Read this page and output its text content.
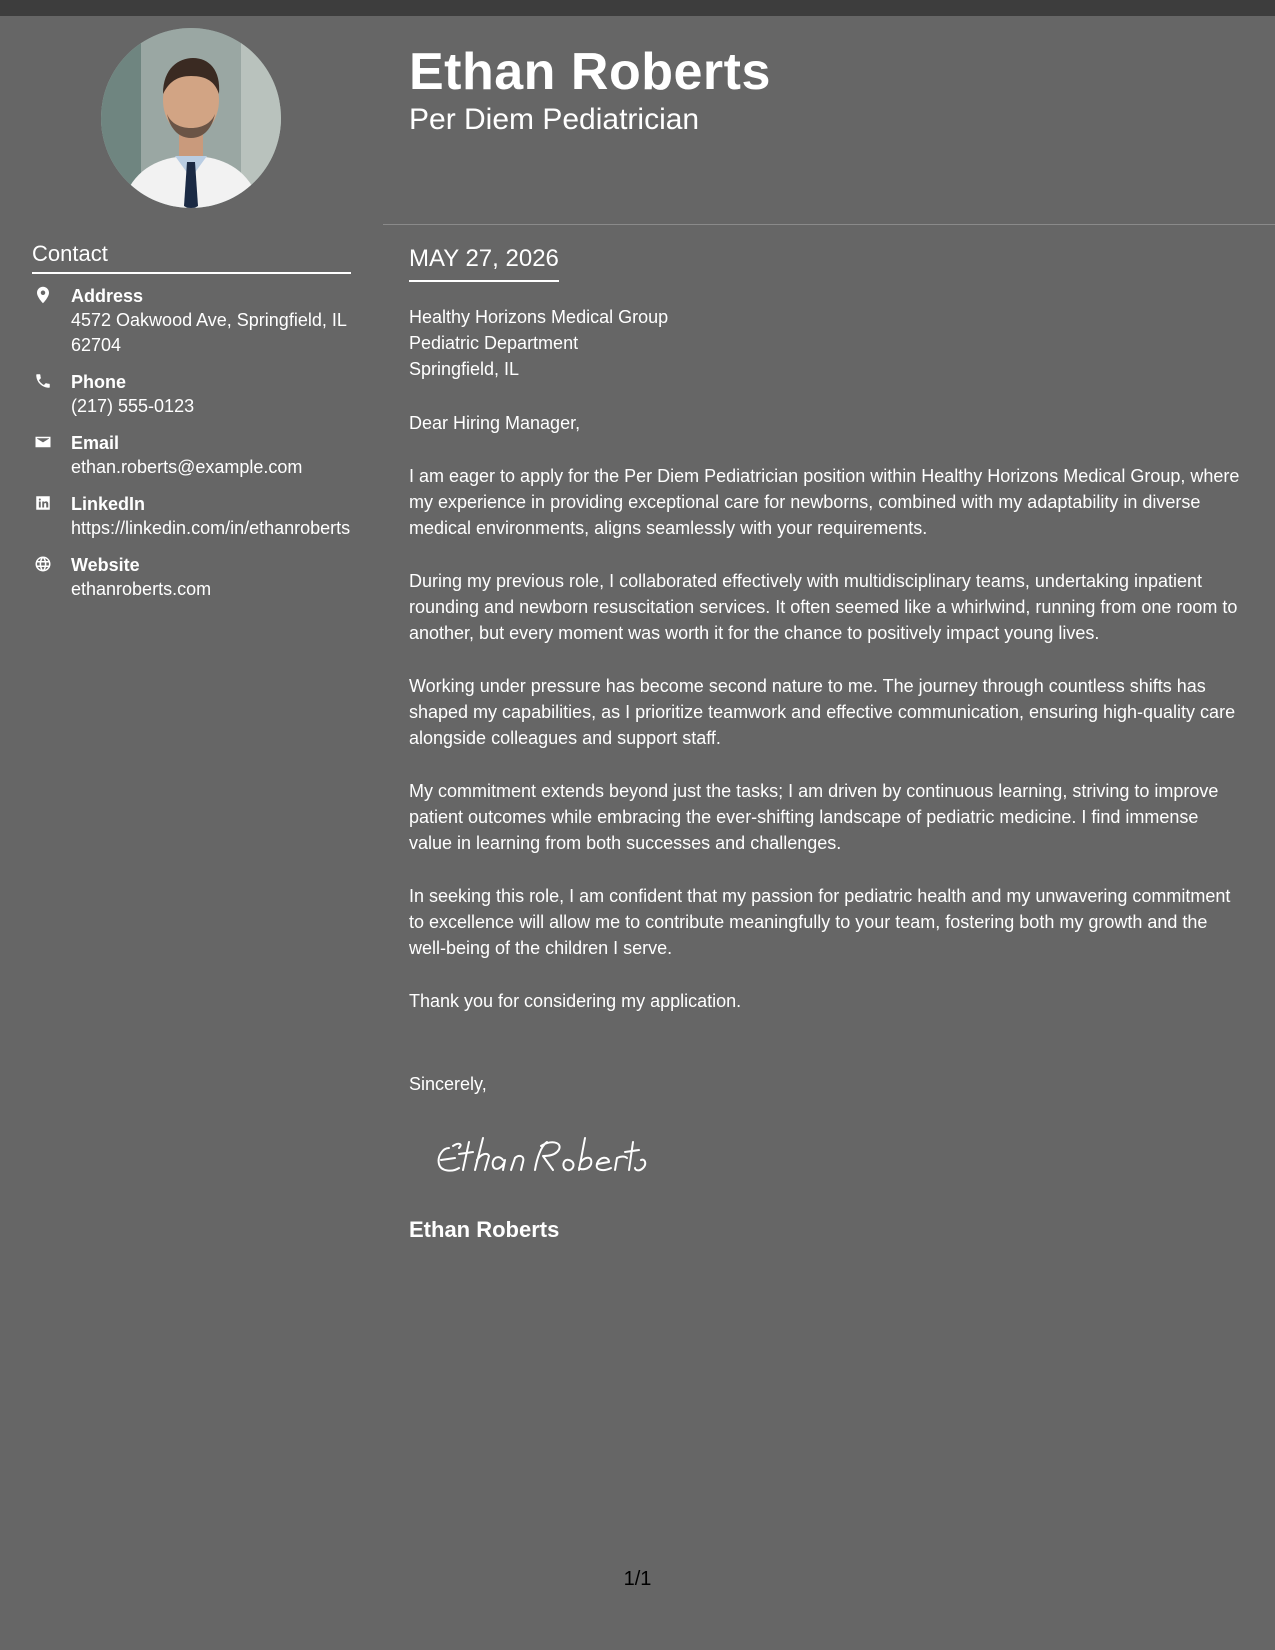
Contact
Address
4572 Oakwood Ave, Springfield, IL 62704
Phone
(217) 555-0123
Email
ethan.roberts@example.com
LinkedIn
https://linkedin.com/in/ethanroberts
Website
ethanroberts.com
Ethan Roberts
Per Diem Pediatrician
MAY 27, 2026
Healthy Horizons Medical Group
Pediatric Department
Springfield, IL

Dear Hiring Manager,

I am eager to apply for the Per Diem Pediatrician position within Healthy Horizons Medical Group, where my experience in providing exceptional care for newborns, combined with my adaptability in diverse medical environments, aligns seamlessly with your requirements.

During my previous role, I collaborated effectively with multidisciplinary teams, undertaking inpatient rounding and newborn resuscitation services. It often seemed like a whirlwind, running from one room to another, but every moment was worth it for the chance to positively impact young lives.

Working under pressure has become second nature to me. The journey through countless shifts has shaped my capabilities, as I prioritize teamwork and effective communication, ensuring high-quality care alongside colleagues and support staff.

My commitment extends beyond just the tasks; I am driven by continuous learning, striving to improve patient outcomes while embracing the ever-shifting landscape of pediatric medicine. I find immense value in learning from both successes and challenges.

In seeking this role, I am confident that my passion for pediatric health and my unwavering commitment to excellence will allow me to contribute meaningfully to your team, fostering both my growth and the well-being of the children I serve.

Thank you for considering my application.

Sincerely,
Ethan Roberts
1/1
